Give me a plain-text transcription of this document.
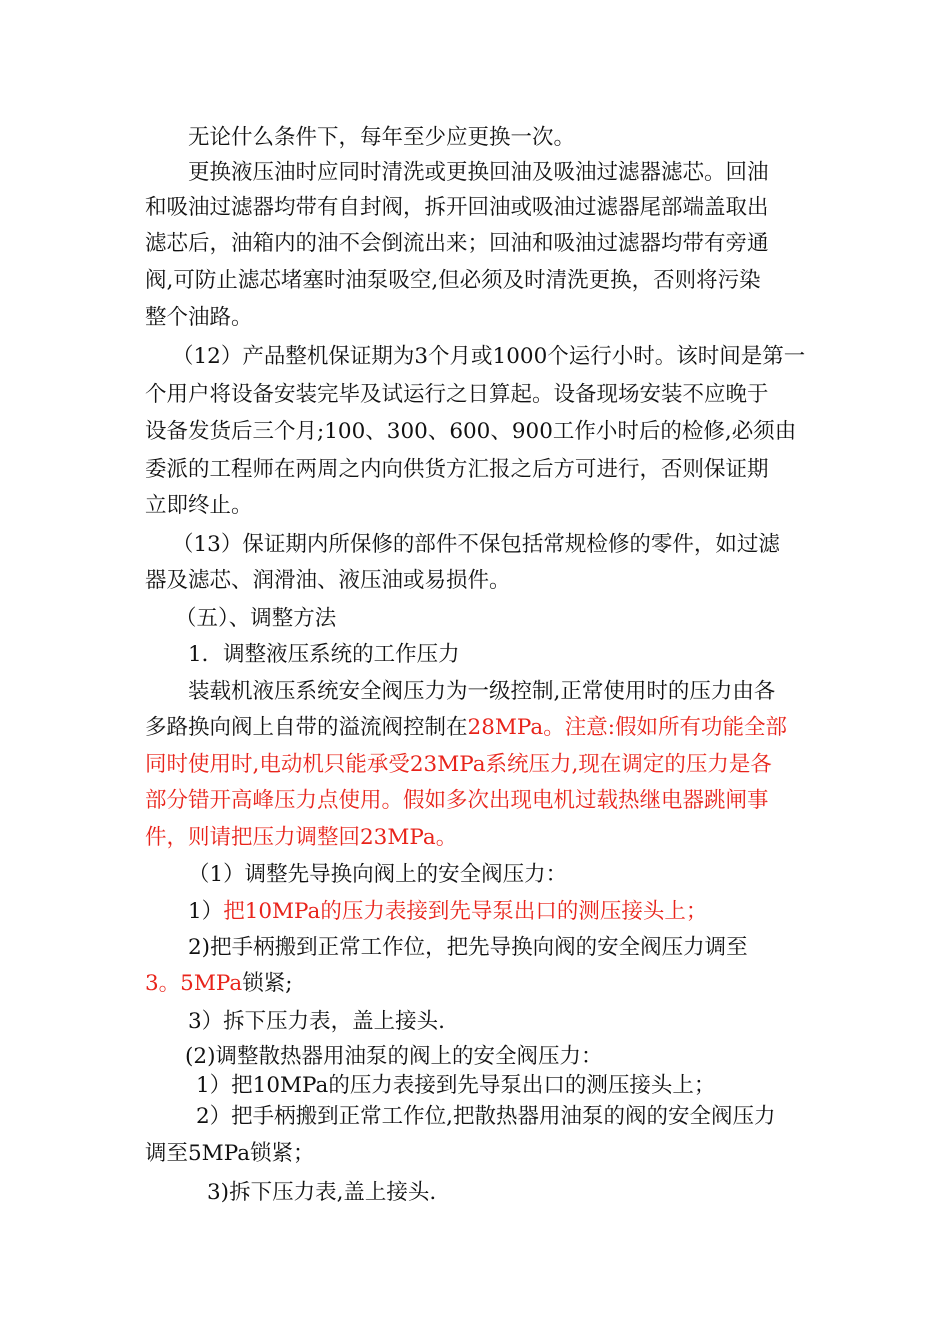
无论什么条件下，每年至少应更换一次。
更换液压油时应同时清洗或更换回油及吸油过滤器滤芯。回油
和吸油过滤器均带有自封阀，拆开回油或吸油过滤器尾部端盖取出
滤芯后，油箱内的油不会倒流出来；回油和吸油过滤器均带有旁通
阀,可防止滤芯堵塞时油泵吸空,但必须及时清洗更换，否则将污染
整个油路。
（12）产品整机保证期为3个月或1000个运行小时。该时间是第一
个用户将设备安装完毕及试运行之日算起。设备现场安装不应晚于
设备发货后三个月;100、300、600、900工作小时后的检修,必须由
委派的工程师在两周之内向供货方汇报之后方可进行，否则保证期
立即终止。
（13）保证期内所保修的部件不保包括常规检修的零件，如过滤
器及滤芯、润滑油、液压油或易损件。
（五）、调整方法
1．调整液压系统的工作压力
装载机液压系统安全阀压力为一级控制,正常使用时的压力由各
多路换向阀上自带的溢流阀控制在28MPa。注意:假如所有功能全部
同时使用时,电动机只能承受23MPa系统压力,现在调定的压力是各
部分错开高峰压力点使用。假如多次出现电机过载热继电器跳闸事
件，则请把压力调整回23MPa。
（1）调整先导换向阀上的安全阀压力：
1）把10MPa的压力表接到先导泵出口的测压接头上；
2)把手柄搬到正常工作位，把先导换向阀的安全阀压力调至
3。5MPa锁紧;
3）拆下压力表，盖上接头.
(2)调整散热器用油泵的阀上的安全阀压力：
1）把10MPa的压力表接到先导泵出口的测压接头上；
2）把手柄搬到正常工作位,把散热器用油泵的阀的安全阀压力
调至5MPa锁紧；
3)拆下压力表,盖上接头.
